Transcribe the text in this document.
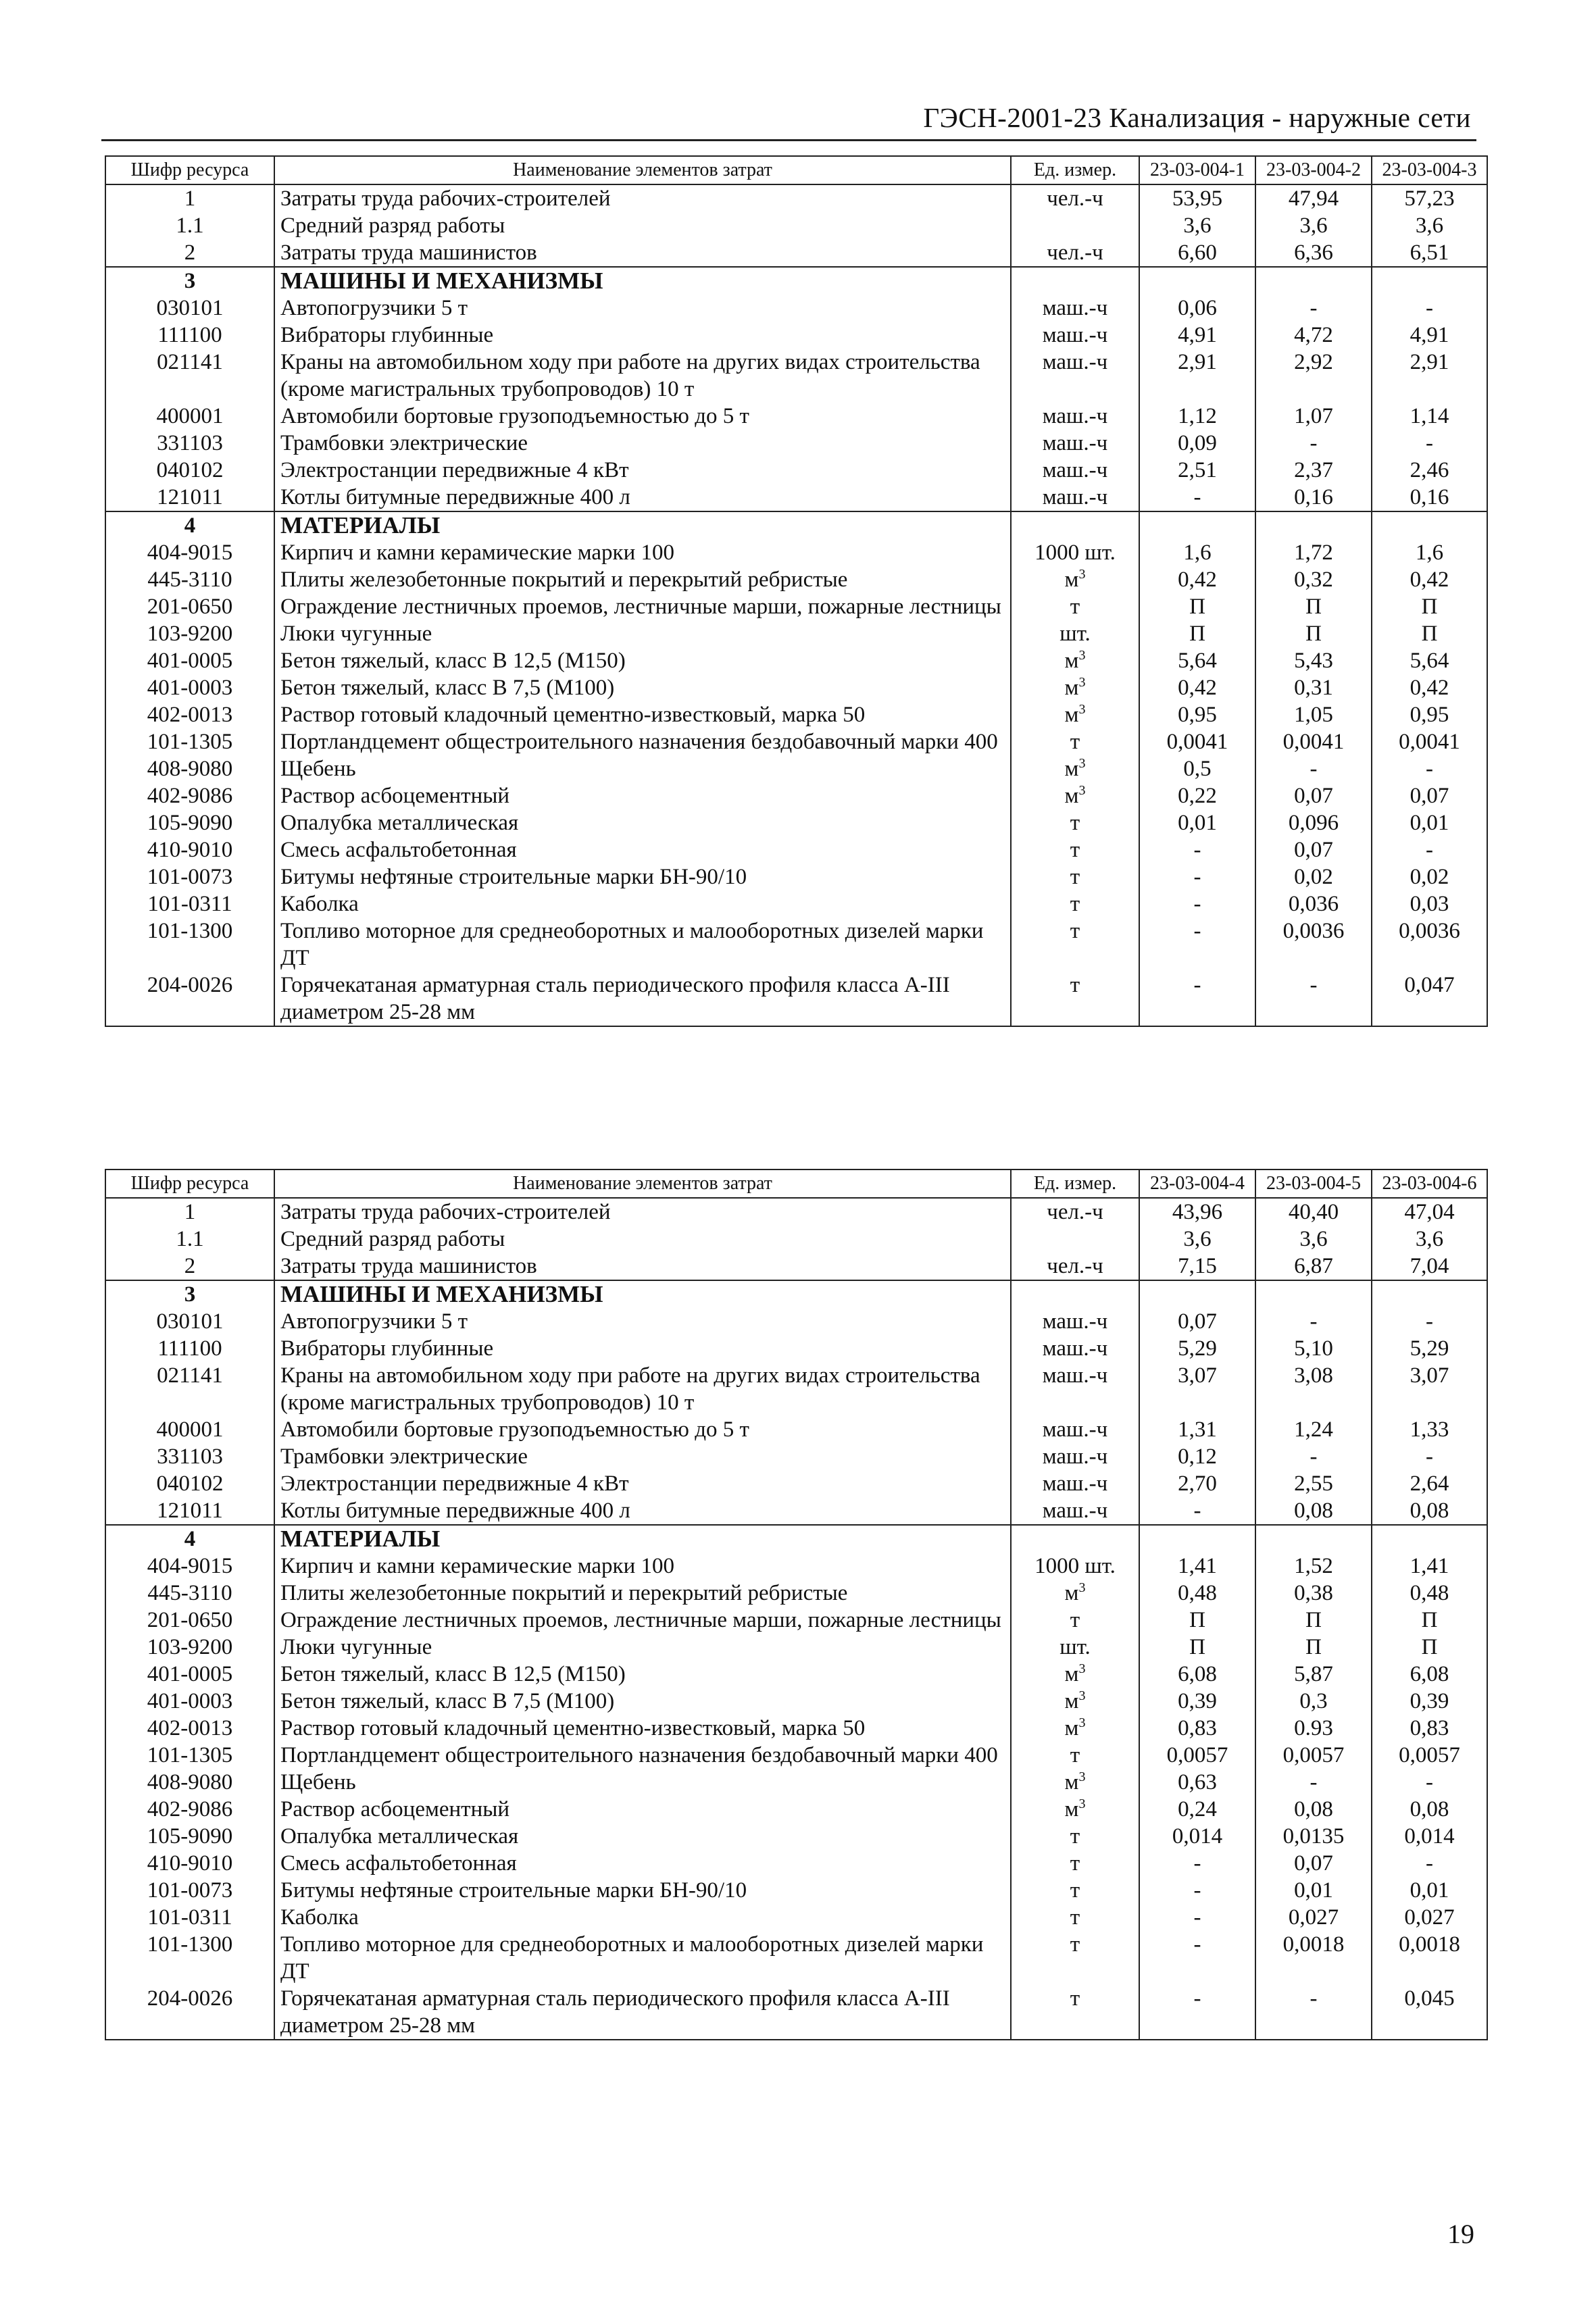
ГЭСН-2001-23 Канализация - наружные сети
Шифр ресурса	Наименование элементов затрат	Ед. измер.	23-03-004-1	23-03-004-2	23-03-004-3
1	Затраты труда рабочих-строителей	чел.-ч	53,95	47,94	57,23
1.1	Средний разряд работы		3,6	3,6	3,6
2	Затраты труда машинистов	чел.-ч	6,60	6,36	6,51
3	МАШИНЫ И МЕХАНИЗМЫ				
030101	Автопогрузчики 5 т	маш.-ч	0,06	-	-
111100	Вибраторы глубинные	маш.-ч	4,91	4,72	4,91
021141	Краны на автомобильном ходу при работе на других видах строительства (кроме магистральных трубопроводов) 10 т	маш.-ч	2,91	2,92	2,91
400001	Автомобили бортовые грузоподъемностью до 5 т	маш.-ч	1,12	1,07	1,14
331103	Трамбовки электрические	маш.-ч	0,09	-	-
040102	Электростанции передвижные 4 кВт	маш.-ч	2,51	2,37	2,46
121011	Котлы битумные передвижные 400 л	маш.-ч	-	0,16	0,16
4	МАТЕРИАЛЫ				
404-9015	Кирпич и камни керамические марки 100	1000 шт.	1,6	1,72	1,6
445-3110	Плиты железобетонные покрытий и перекрытий ребристые	$м^3$	0,42	0,32	0,42
201-0650	Ограждение лестничных проемов, лестничные марши, пожарные лестницы	т	П	П	П
103-9200	Люки чугунные	шт.	П	П	П
401-0005	Бетон тяжелый, класс В 12,5 (М150)	$м^3$	5,64	5,43	5,64
401-0003	Бетон тяжелый, класс В 7,5 (М100)	$м^3$	0,42	0,31	0,42
402-0013	Раствор готовый кладочный цементно-известковый, марка 50	$м^3$	0,95	1,05	0,95
101-1305	Портландцемент общестроительного назначения бездобавочный марки 400	т	0,0041	0,0041	0,0041
408-9080	Щебень	$м^3$	0,5	-	-
402-9086	Раствор асбоцементный	$м^3$	0,22	0,07	0,07
105-9090	Опалубка металлическая	т	0,01	0,096	0,01
410-9010	Смесь асфальтобетонная	т	-	0,07	-
101-0073	Битумы нефтяные строительные марки БН-90/10	т	-	0,02	0,02
101-0311	Каболка	т	-	0,036	0,03
101-1300	Топливо моторное для среднеоборотных и малооборотных дизелей марки ДТ	т	-	0,0036	0,0036
204-0026	Горячекатаная арматурная сталь периодического профиля класса А-III диаметром 25-28 мм	т	-	-	0,047
Шифр ресурса	Наименование элементов затрат	Ед. измер.	23-03-004-4	23-03-004-5	23-03-004-6
1	Затраты труда рабочих-строителей	чел.-ч	43,96	40,40	47,04
1.1	Средний разряд работы		3,6	3,6	3,6
2	Затраты труда машинистов	чел.-ч	7,15	6,87	7,04
3	МАШИНЫ И МЕХАНИЗМЫ				
030101	Автопогрузчики 5 т	маш.-ч	0,07	-	-
111100	Вибраторы глубинные	маш.-ч	5,29	5,10	5,29
021141	Краны на автомобильном ходу при работе на других видах строительства (кроме магистральных трубопроводов) 10 т	маш.-ч	3,07	3,08	3,07
400001	Автомобили бортовые грузоподъемностью до 5 т	маш.-ч	1,31	1,24	1,33
331103	Трамбовки электрические	маш.-ч	0,12	-	-
040102	Электростанции передвижные 4 кВт	маш.-ч	2,70	2,55	2,64
121011	Котлы битумные передвижные 400 л	маш.-ч	-	0,08	0,08
4	МАТЕРИАЛЫ				
404-9015	Кирпич и камни керамические марки 100	1000 шт.	1,41	1,52	1,41
445-3110	Плиты железобетонные покрытий и перекрытий ребристые	$м^3$	0,48	0,38	0,48
201-0650	Ограждение лестничных проемов, лестничные марши, пожарные лестницы	т	П	П	П
103-9200	Люки чугунные	шт.	П	П	П
401-0005	Бетон тяжелый, класс В 12,5 (М150)	$м^3$	6,08	5,87	6,08
401-0003	Бетон тяжелый, класс В 7,5 (М100)	$м^3$	0,39	0,3	0,39
402-0013	Раствор готовый кладочный цементно-известковый, марка 50	$м^3$	0,83	0.93	0,83
101-1305	Портландцемент общестроительного назначения бездобавочный марки 400	т	0,0057	0,0057	0,0057
408-9080	Щебень	$м^3$	0,63	-	-
402-9086	Раствор асбоцементный	$м^3$	0,24	0,08	0,08
105-9090	Опалубка металлическая	т	0,014	0,0135	0,014
410-9010	Смесь асфальтобетонная	т	-	0,07	-
101-0073	Битумы нефтяные строительные марки БН-90/10	т	-	0,01	0,01
101-0311	Каболка	т	-	0,027	0,027
101-1300	Топливо моторное для среднеоборотных и малооборотных дизелей марки ДТ	т	-	0,0018	0,0018
204-0026	Горячекатаная арматурная сталь периодического профиля класса А-III диаметром 25-28 мм	т	-	-	0,045
19
